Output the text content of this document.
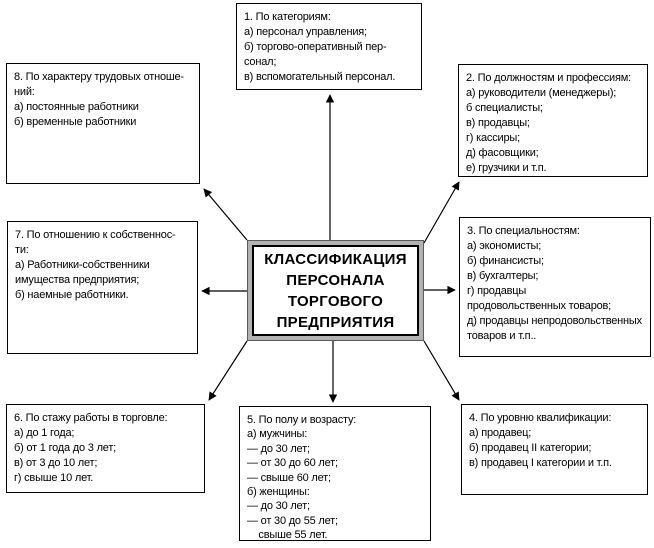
1. По категориям:
а) персонал управления;
б) торгово-оперативный пер-
сонал;
в) вспомогательный персонал.	2. По должностям и профессиям:
а) руководители (менеджеры);
б специалисты;
в) продавцы;
г) кассиры;
д) фасовщики;
е) грузчики и т.п.
3. По специальностям:
а) экономисты;
б) финансисты;
в) бухгалтеры;
г) продавцы
продовольственных товаров;
д) продавцы непродовольственных
товаров и т.п..
4. По уровню квалификации:
а) продавец;
б) продавец II категории;
в) продавец I категории и т.п.
5. По полу и возрасту:
а) мужчины:
— до 30 лет;
— от 30 до 60 лет;
— свыше 60 лет;
б) женщины:
— до 30 лет;
— от 30 до 55 лет;
свыше 55 лет.
6. По стажу работы в торговле:
а) до 1 года;
б) от 1 года до 3 лет;
в) от 3 до 10 лет;
г) свыше 10 лет.
7. По отношению к собственнос-
ти:
а) Работники-собственники
имущества предприятия;
б) наемные работники.
8. По характеру трудовых отноше-
ний:
а) постоянные работники
б) временные работники
КЛАССИФИКАЦИЯ
ПЕРСОНАЛА
ТОРГОВОГО
ПРЕДПРИЯТИЯ
